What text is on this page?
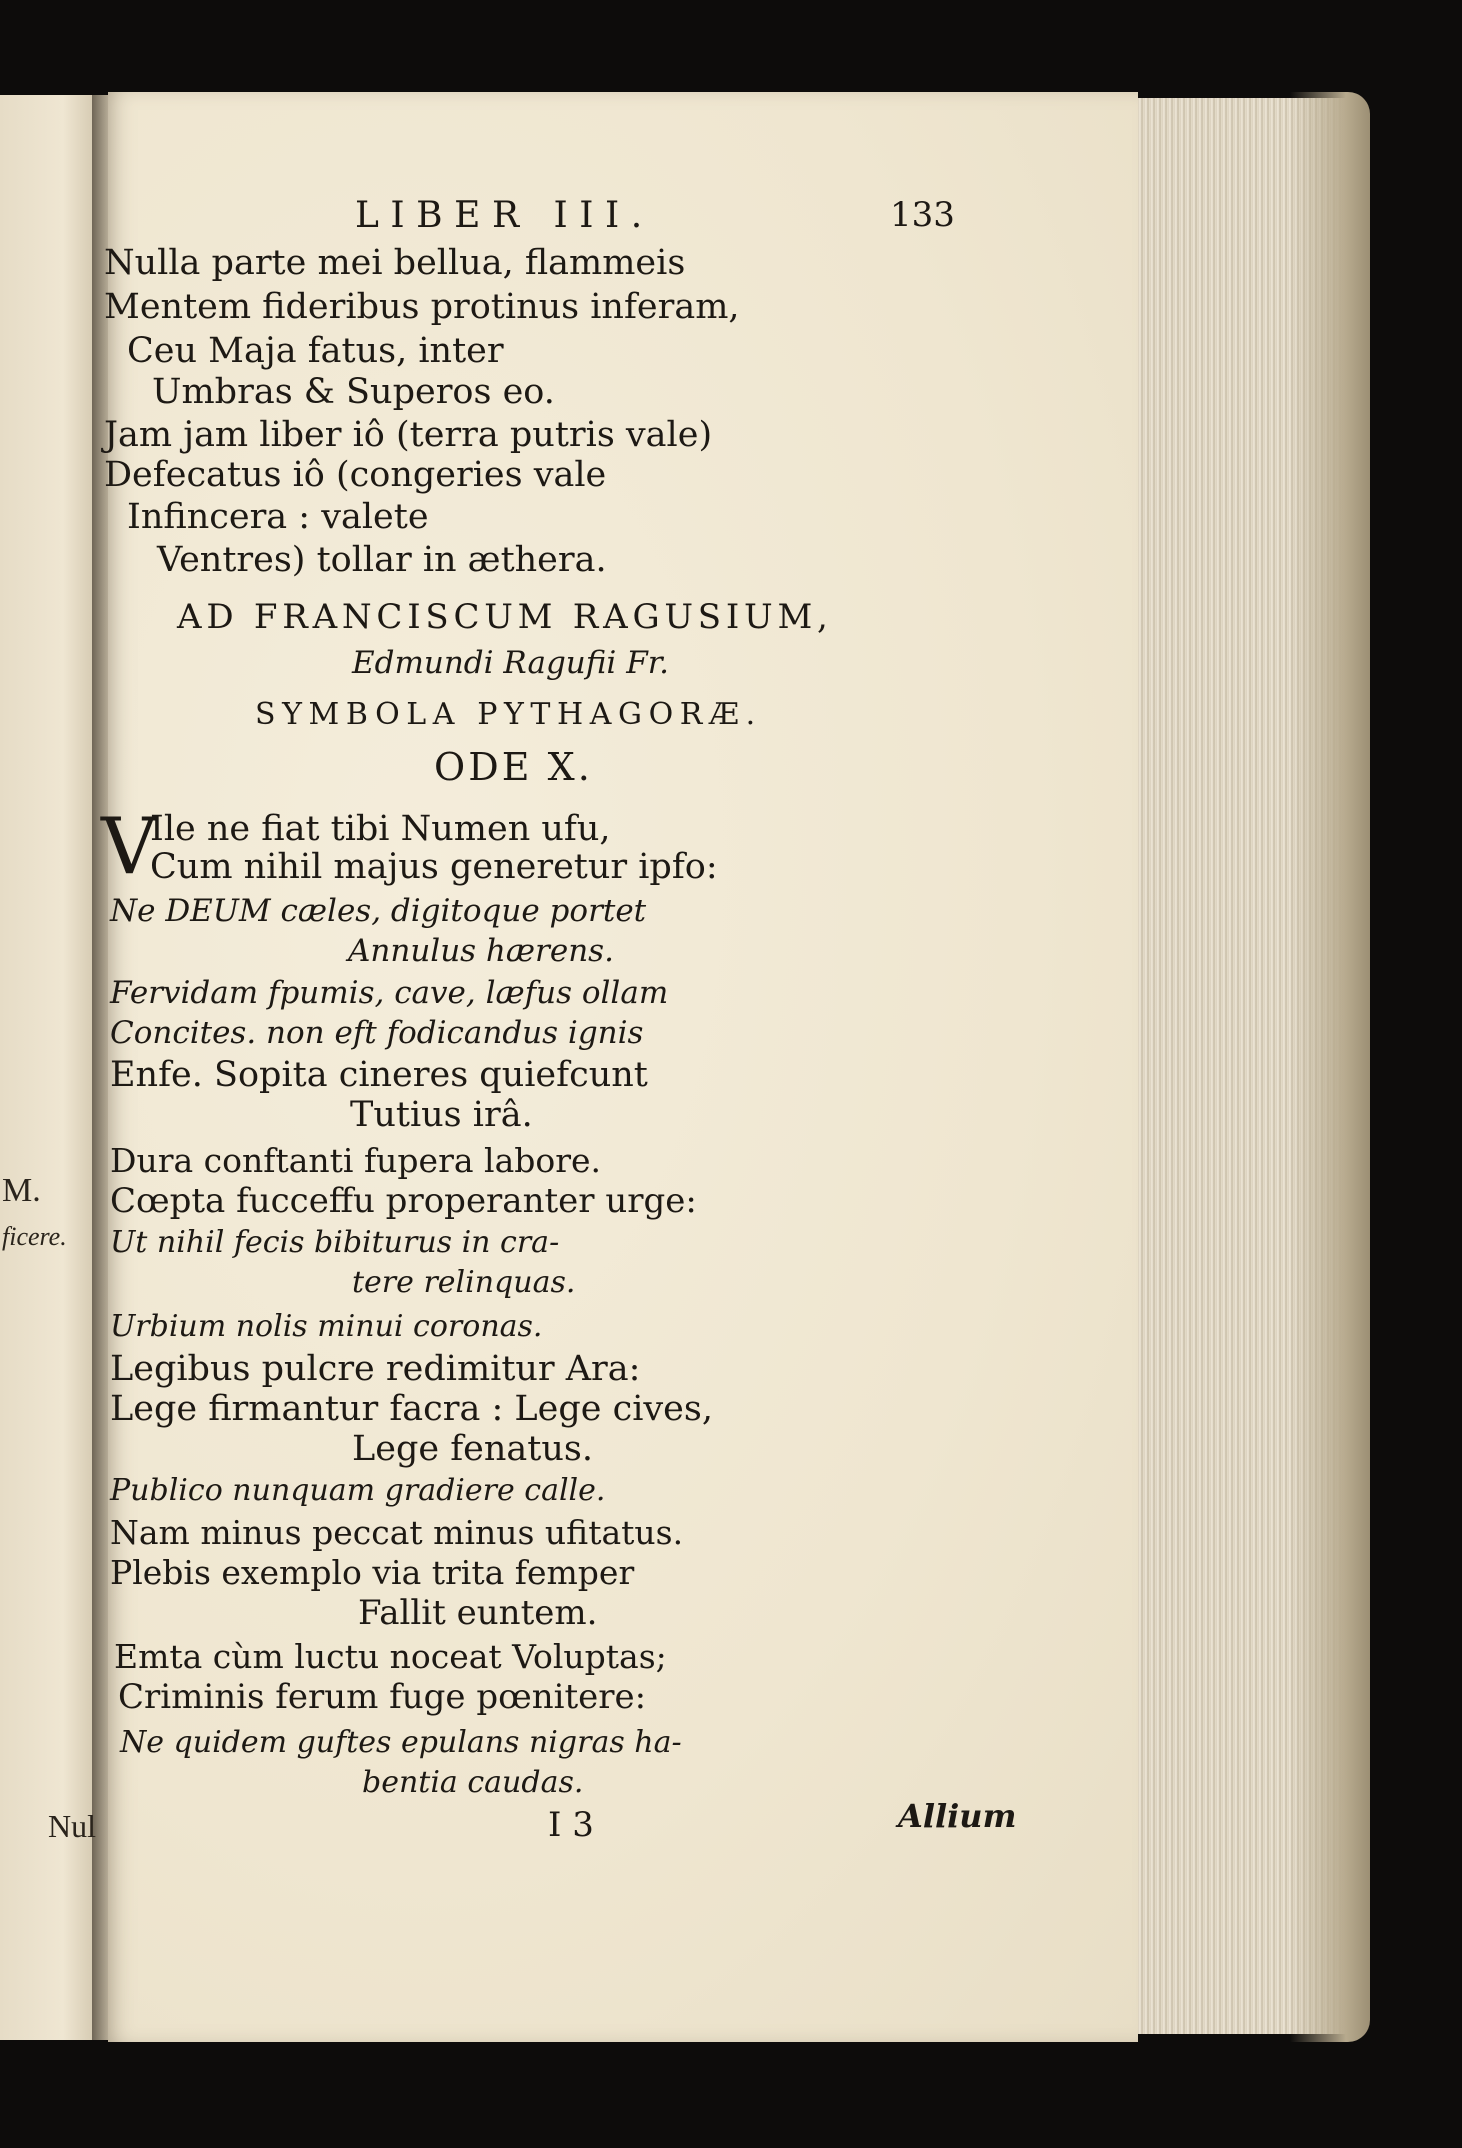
M.
ficere.
Nul
LIBER III.	133
Nulla parte mei bellua, flammeis
Mentem fideribus protinus inferam,
Ceu Maja fatus, inter
Umbras & Superos eo.
Jam jam liber iô (terra putris vale)
Defecatus iô (congeries vale
Infincera : valete
Ventres) tollar in æthera.
AD FRANCISCUM RAGUSIUM,
Edmundi Ragufii Fr.
SYMBOLA PYTHAGORÆ.
ODE X.
V
Ile ne fiat tibi Numen ufu,
Cum nihil majus generetur ipfo:
Ne DEUM cæles, digitoque portet
Annulus hærens.
Fervidam fpumis, cave, læfus ollam
Concites. non eft fodicandus ignis
Enfe. Sopita cineres quiefcunt
Tutius irâ.
Dura conftanti fupera labore.
Cœpta fucceffu properanter urge:
Ut nihil fecis bibiturus in cra-
tere relinquas.
Urbium nolis minui coronas.
Legibus pulcre redimitur Ara:
Lege firmantur facra : Lege cives,
Lege fenatus.
Publico nunquam gradiere calle.
Nam minus peccat minus ufitatus.
Plebis exemplo via trita femper
Fallit euntem.
Emta cùm luctu noceat Voluptas;
Criminis ferum fuge pœnitere:
Ne quidem guftes epulans nigras ha-
bentia caudas.
I 3	Allium
